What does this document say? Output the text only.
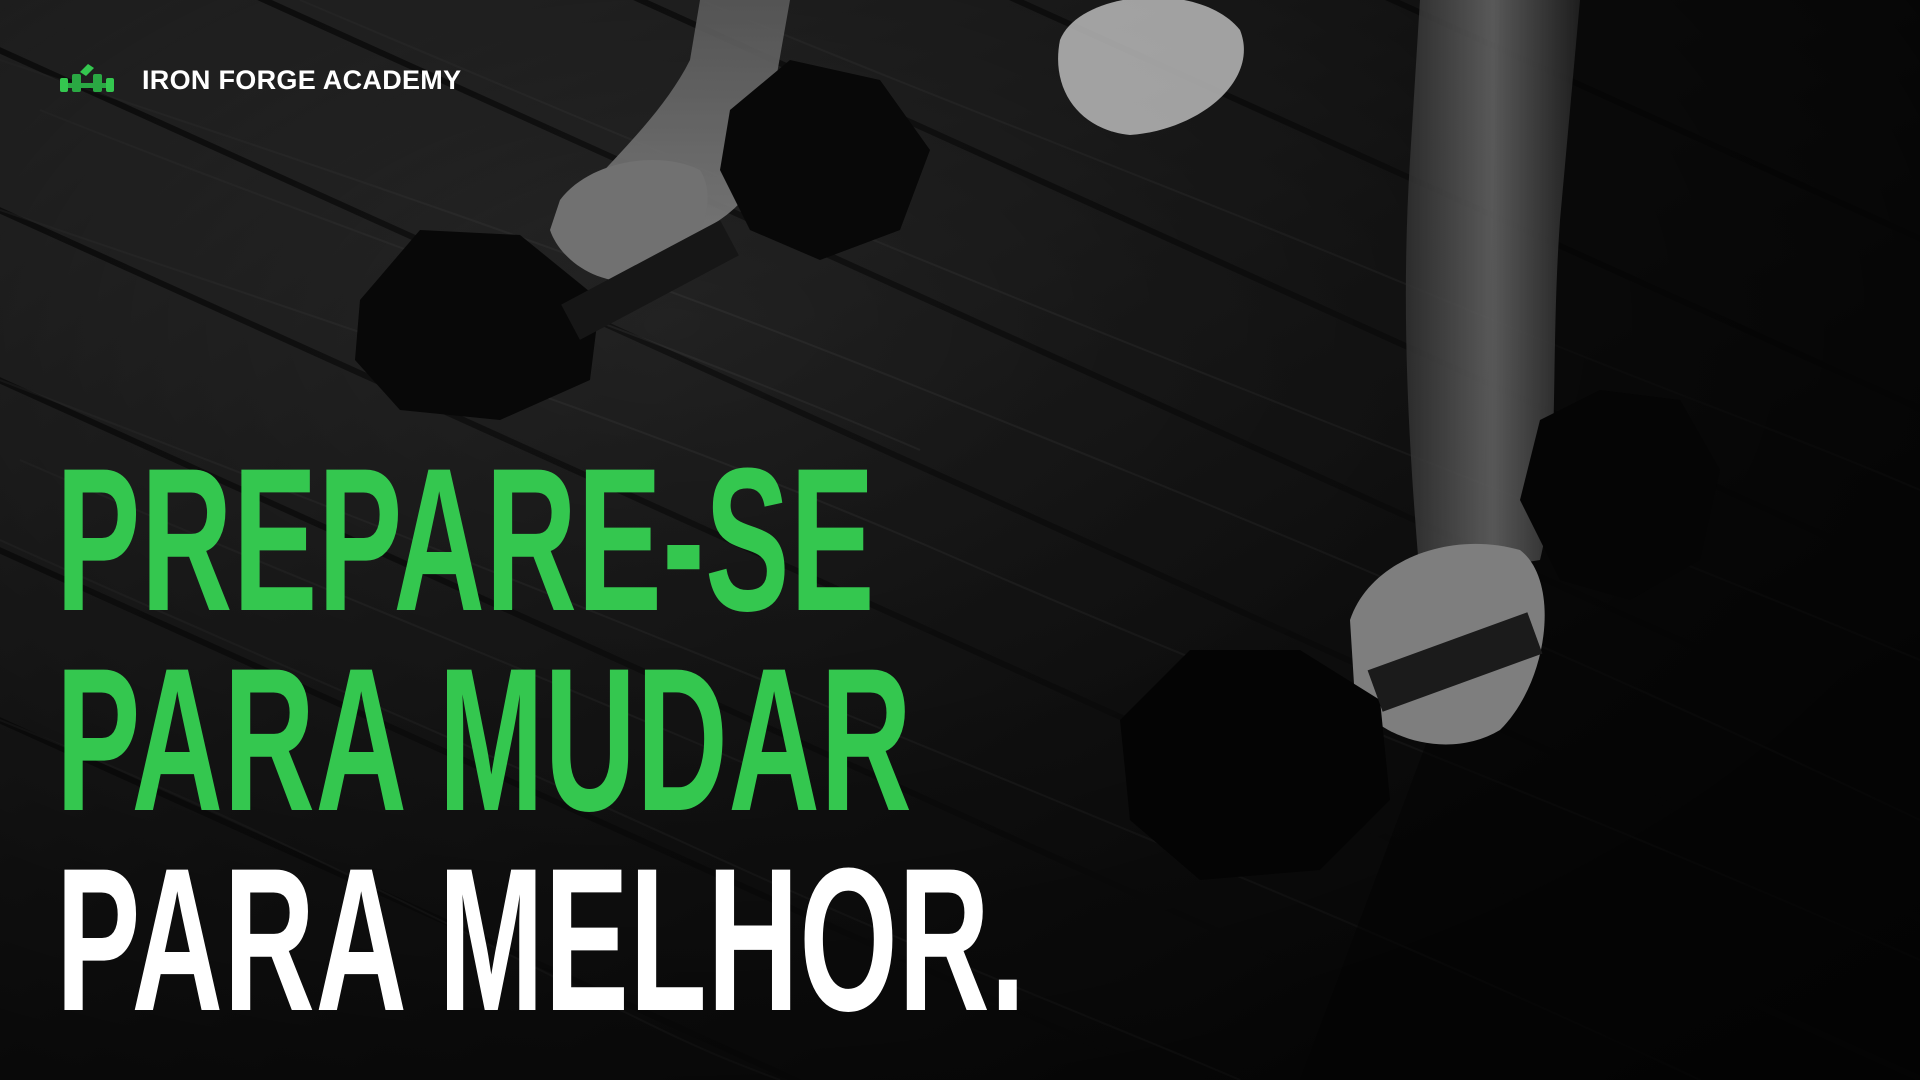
IRON FORGE ACADEMY
PREPARE-SE
PARA MUDAR
PARA MELHOR.
